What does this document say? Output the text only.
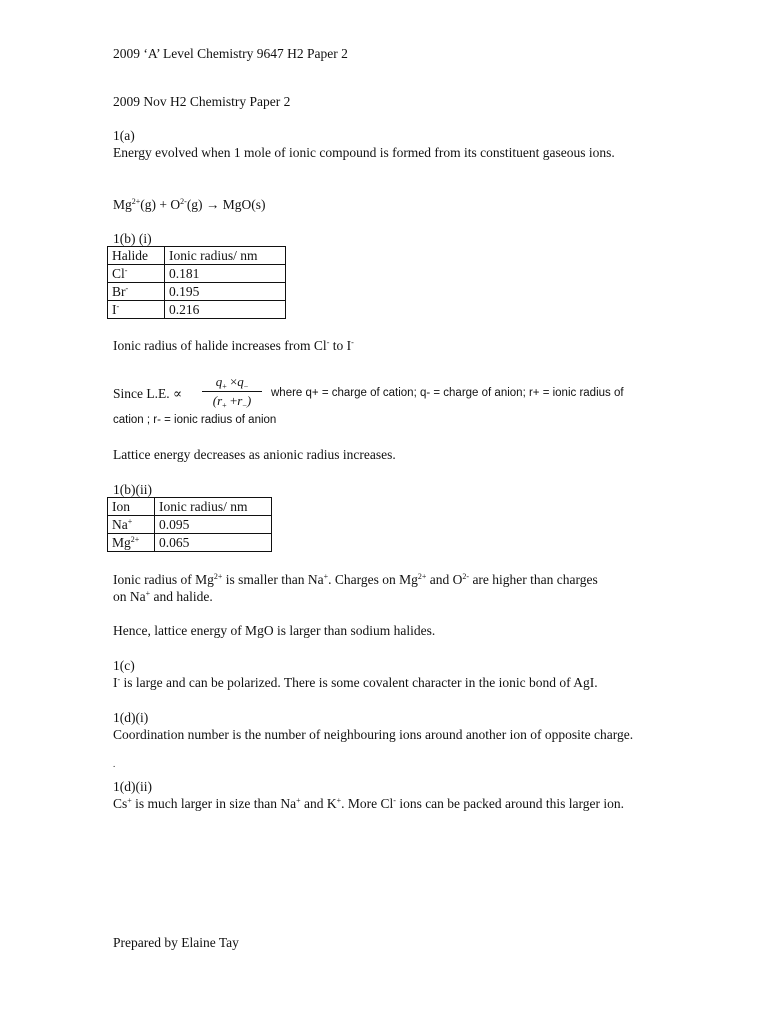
2009 ‘A’ Level Chemistry 9647 H2 Paper 2
2009 Nov H2 Chemistry Paper 2
1(a)
Energy evolved when 1 mole of ionic compound is formed from its constituent gaseous ions.
$Mg^{2+}(g) + O^{2-}(g) \to MgO(s)$
1(b) (i)
Halide	Ionic radius/ nm
Cl-	0.181
Br-	0.195
I-	0.216
Ionic radius of halide increases from Cl- to I-
Since L.E. ∝
$q_+ \times q_-$
$(r_+ +r_-)$	where q+ = charge of cation; q- = charge of anion; r+ = ionic radius of
cation ; r- = ionic radius of anion
Lattice energy decreases as anionic radius increases.
1(b)(ii)
Ion	Ionic radius/ nm
Na+	0.095
$Mg^{2+}$	0.065
Ionic radius of $Mg^{2+}$ is smaller than Na+. Charges on $Mg^{2+}$ and $O^{2-}$ are higher than charges
on Na+ and halide.
Hence, lattice energy of MgO is larger than sodium halides.
1(c)
I- is large and can be polarized. There is some covalent character in the ionic bond of AgI.
1(d)(i)
Coordination number is the number of neighbouring ions around another ion of opposite charge.
.
1(d)(ii)
Cs+ is much larger in size than Na+ and K+. More Cl- ions can be packed around this larger ion.
Prepared by Elaine Tay
